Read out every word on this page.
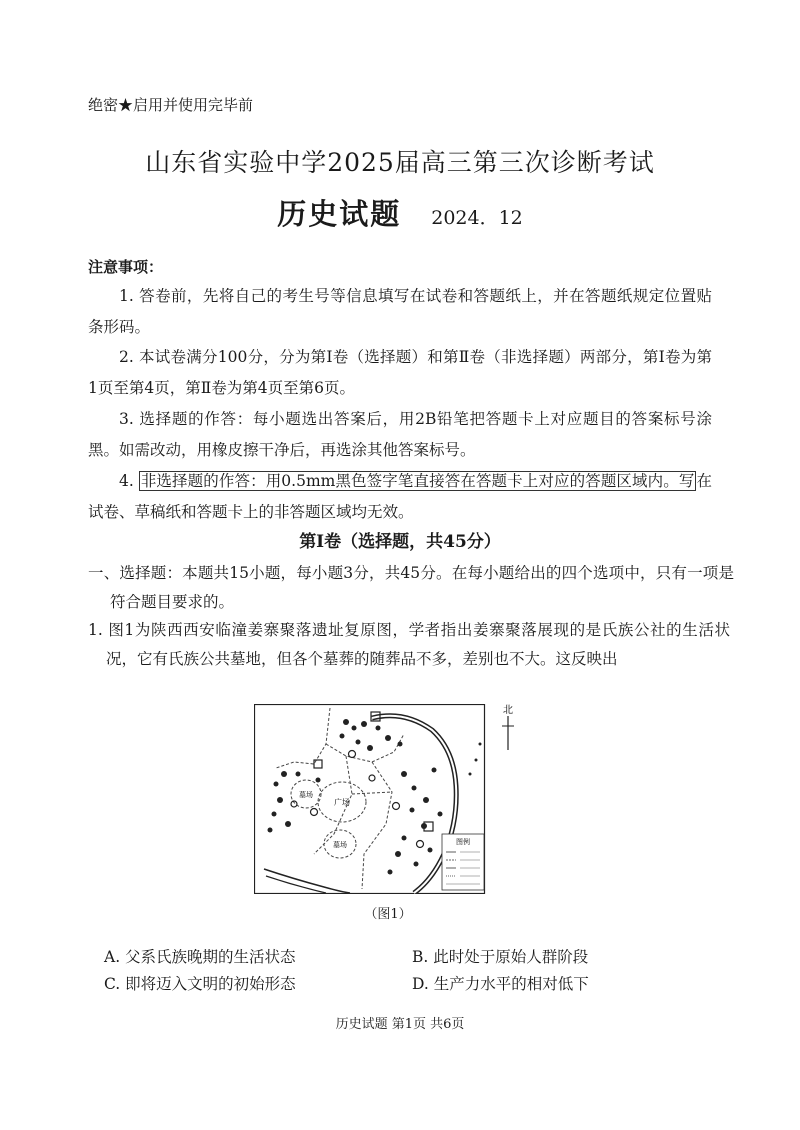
绝密★启用并使用完毕前
山东省实验中学2025届高三第三次诊断考试
历史试题 2024．12
注意事项：
1. 答卷前，先将自己的考生号等信息填写在试卷和答题纸上，并在答题纸规定位置贴条形码。
2. 本试卷满分100分，分为第Ⅰ卷（选择题）和第Ⅱ卷（非选择题）两部分，第Ⅰ卷为第1页至第4页，第Ⅱ卷为第4页至第6页。
3. 选择题的作答：每小题选出答案后，用2B铅笔把答题卡上对应题目的答案标号涂黑。如需改动，用橡皮擦干净后，再选涂其他答案标号。
4. 非选择题的作答：用0.5mm黑色签字笔直接答在答题卡上对应的答题区域内。写 在试卷、草稿纸和答题卡上的非答题区域均无效。
第Ⅰ卷（选择题，共45分）
一、选择题：本题共15小题，每小题3分，共45分。在每小题给出的四个选项中，只有一项是符合题目要求的。
1. 图1为陕西西安临潼姜寨聚落遗址复原图，学者指出姜寨聚落展现的是氏族公社的生活状况，它有氏族公共墓地，但各个墓葬的随葬品不多，差别也不大。这反映出
广场
墓场
墓场	图例
北
（图1）
A. 父系氏族晚期的生活状态	B. 此时处于原始人群阶段
C. 即将迈入文明的初始形态	D. 生产力水平的相对低下
历史试题 第1页 共6页
